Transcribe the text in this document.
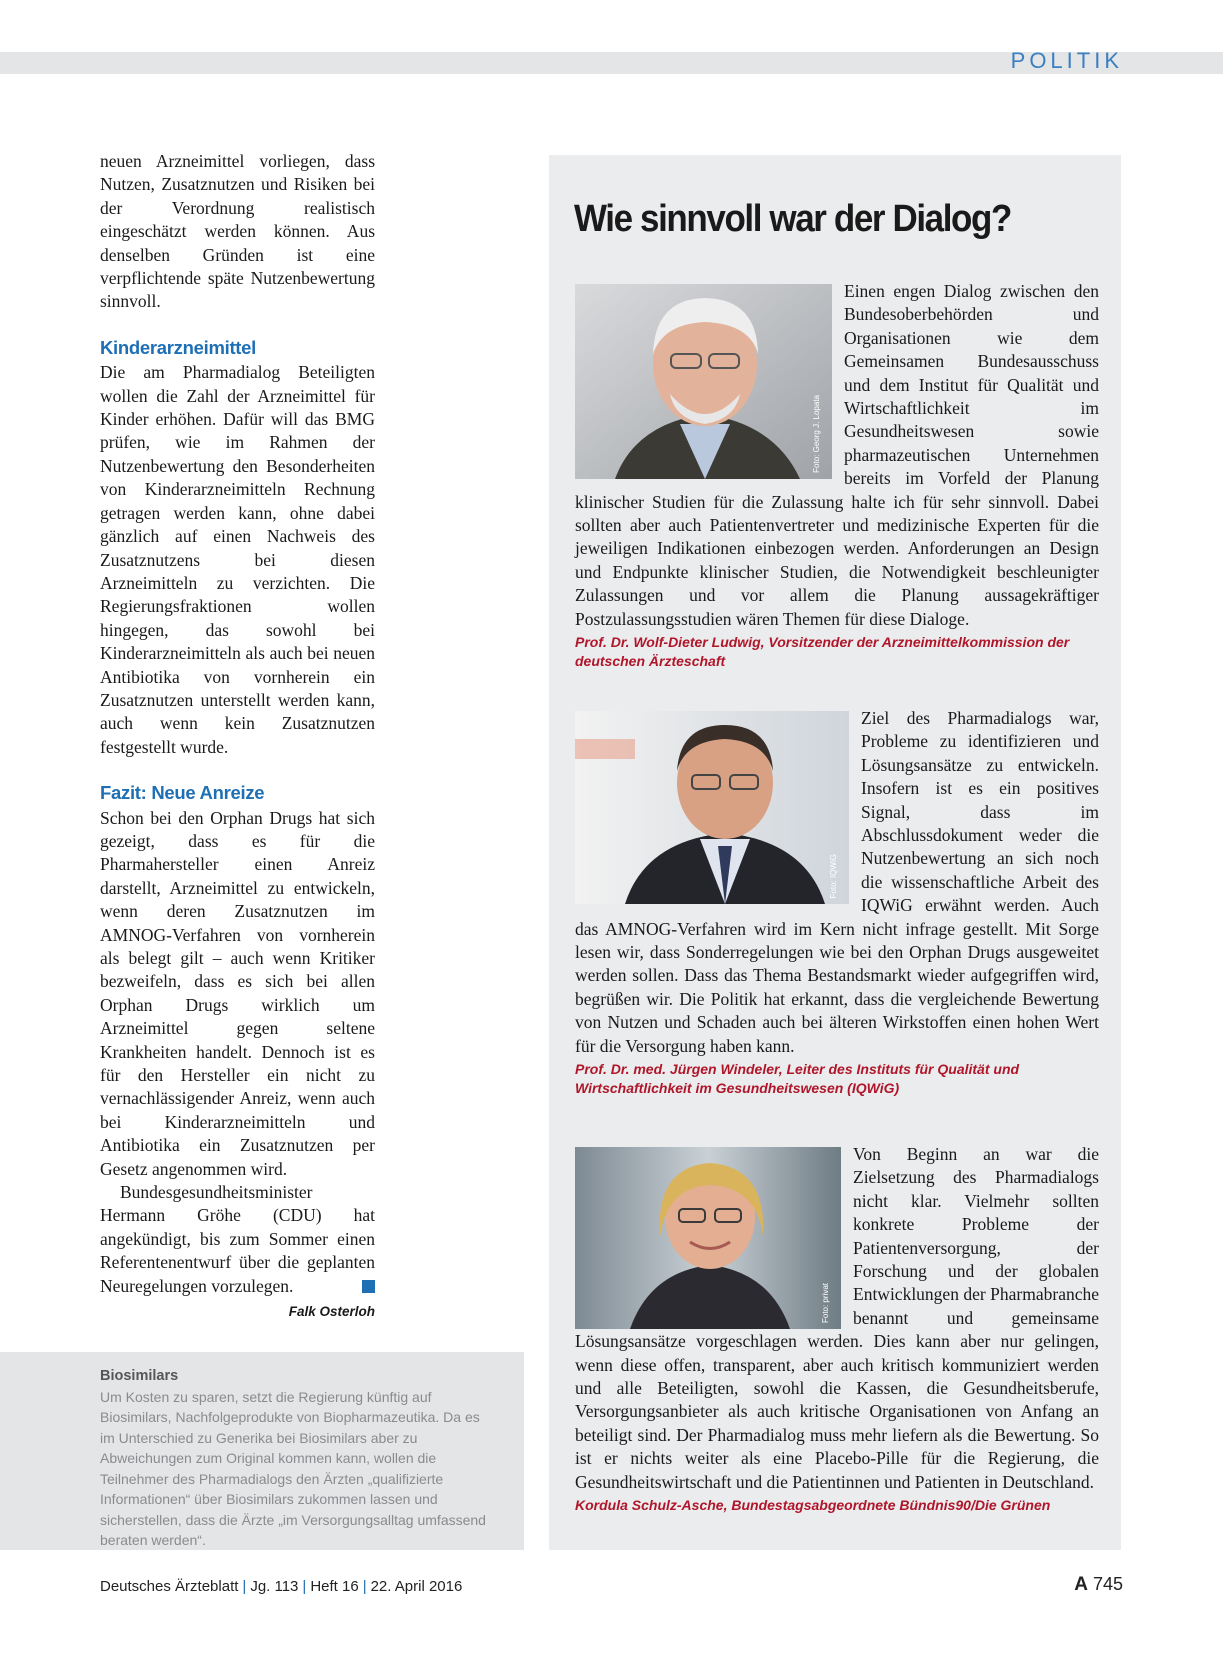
POLITIK

neuen Arzneimittel vorliegen, dass Nutzen, Zusatznutzen und Risiken bei der Verordnung realistisch eingeschätzt werden können. Aus denselben Gründen ist eine verpflichtende späte Nutzenbewertung sinnvoll.

Kinderarzneimittel

Die am Pharmadialog Beteiligten wollen die Zahl der Arzneimittel für Kinder erhöhen. Dafür will das BMG prüfen, wie im Rahmen der Nutzenbewertung den Besonderheiten von Kinderarzneimitteln Rechnung getragen werden kann, ohne dabei gänzlich auf einen Nachweis des Zusatznutzens bei diesen Arzneimitteln zu verzichten. Die Regierungsfraktionen wollen hingegen, das sowohl bei Kinderarzneimitteln als auch bei neuen Antibiotika von vornherein ein Zusatznutzen unterstellt werden kann, auch wenn kein Zusatznutzen festgestellt wurde.

Fazit: Neue Anreize

Schon bei den Orphan Drugs hat sich gezeigt, dass es für die Pharmahersteller einen Anreiz darstellt, Arzneimittel zu entwickeln, wenn deren Zusatznutzen im AMNOG-Verfahren von vornherein als belegt gilt – auch wenn Kritiker bezweifeln, dass es sich bei allen Orphan Drugs wirklich um Arzneimittel gegen seltene Krankheiten handelt. Dennoch ist es für den Hersteller ein nicht zu vernachlässigender Anreiz, wenn auch bei Kinderarzneimitteln und Antibiotika ein Zusatznutzen per Gesetz angenommen wird.

Bundesgesundheitsminister Hermann Gröhe (CDU) hat angekündigt, bis zum Sommer einen Referentenentwurf über die geplanten Neuregelungen vorzulegen.

Falk Osterloh
Biosimilars
Um Kosten zu sparen, setzt die Regierung künftig auf Biosimilars, Nachfolgeprodukte von Biopharmazeutika. Da es im Unterschied zu Generika bei Biosimilars aber zu Abweichungen zum Original kommen kann, wollen die Teilnehmer des Pharmadialogs den Ärzten „qualifizierte Informationen“ über Biosimilars zukommen lassen und sicherstellen, dass die Ärzte „im Versorgungsalltag umfassend beraten werden“.
Wie sinnvoll war der Dialog?
Foto: Georg J. Lopata

Einen engen Dialog zwischen den Bundesoberbehörden und Organisationen wie dem Gemeinsamen Bundesausschuss und dem Institut für Qualität und Wirtschaftlichkeit im Gesundheitswesen sowie pharmazeutischen Unternehmen bereits im Vorfeld der Planung klinischer Studien für die Zulassung halte ich für sehr sinnvoll. Dabei sollten aber auch Patientenvertreter und medizinische Experten für die jeweiligen Indikationen einbezogen werden. Anforderungen an Design und Endpunkte klinischer Studien, die Notwendigkeit beschleunigter Zulassungen und vor allem die Planung aussagekräftiger Postzulassungsstudien wären Themen für diese Dialoge.

Prof. Dr. Wolf-Dieter Ludwig, Vorsitzender der Arzneimittelkommission der deutschen Ärzteschaft
Foto: IQWiG

Ziel des Pharmadialogs war, Probleme zu identifizieren und Lösungsansätze zu entwickeln. Insofern ist es ein positives Signal, dass im Abschlussdokument weder die Nutzenbewertung an sich noch die wissenschaftliche Arbeit des IQWiG erwähnt werden. Auch das AMNOG-Verfahren wird im Kern nicht infrage gestellt. Mit Sorge lesen wir, dass Sonderregelungen wie bei den Orphan Drugs ausgeweitet werden sollen. Dass das Thema Bestandsmarkt wieder aufgegriffen wird, begrüßen wir. Die Politik hat erkannt, dass die vergleichende Bewertung von Nutzen und Schaden auch bei älteren Wirkstoffen einen hohen Wert für die Versorgung haben kann.

Prof. Dr. med. Jürgen Windeler, Leiter des Instituts für Qualität und Wirtschaftlichkeit im Gesundheitswesen (IQWiG)
Foto: privat

Von Beginn an war die Zielsetzung des Pharmadialogs nicht klar. Vielmehr sollten konkrete Probleme der Patientenversorgung, der Forschung und der globalen Entwicklungen der Pharmabranche benannt und gemeinsame Lösungsansätze vorgeschlagen werden. Dies kann aber nur gelingen, wenn diese offen, transparent, aber auch kritisch kommuniziert werden und alle Beteiligten, sowohl die Kassen, die Gesundheitsberufe, Versorgungsanbieter als auch kritische Organisationen von Anfang an beteiligt sind. Der Pharmadialog muss mehr liefern als die Bewertung. So ist er nichts weiter als eine Placebo-Pille für die Regierung, die Gesundheitswirtschaft und die Patientinnen und Patienten in Deutschland.

Kordula Schulz-Asche, Bundestagsabgeordnete Bündnis90/Die Grünen
Deutsches Ärzteblatt | Jg. 113 | Heft 16 | 22. April 2016	A 745
